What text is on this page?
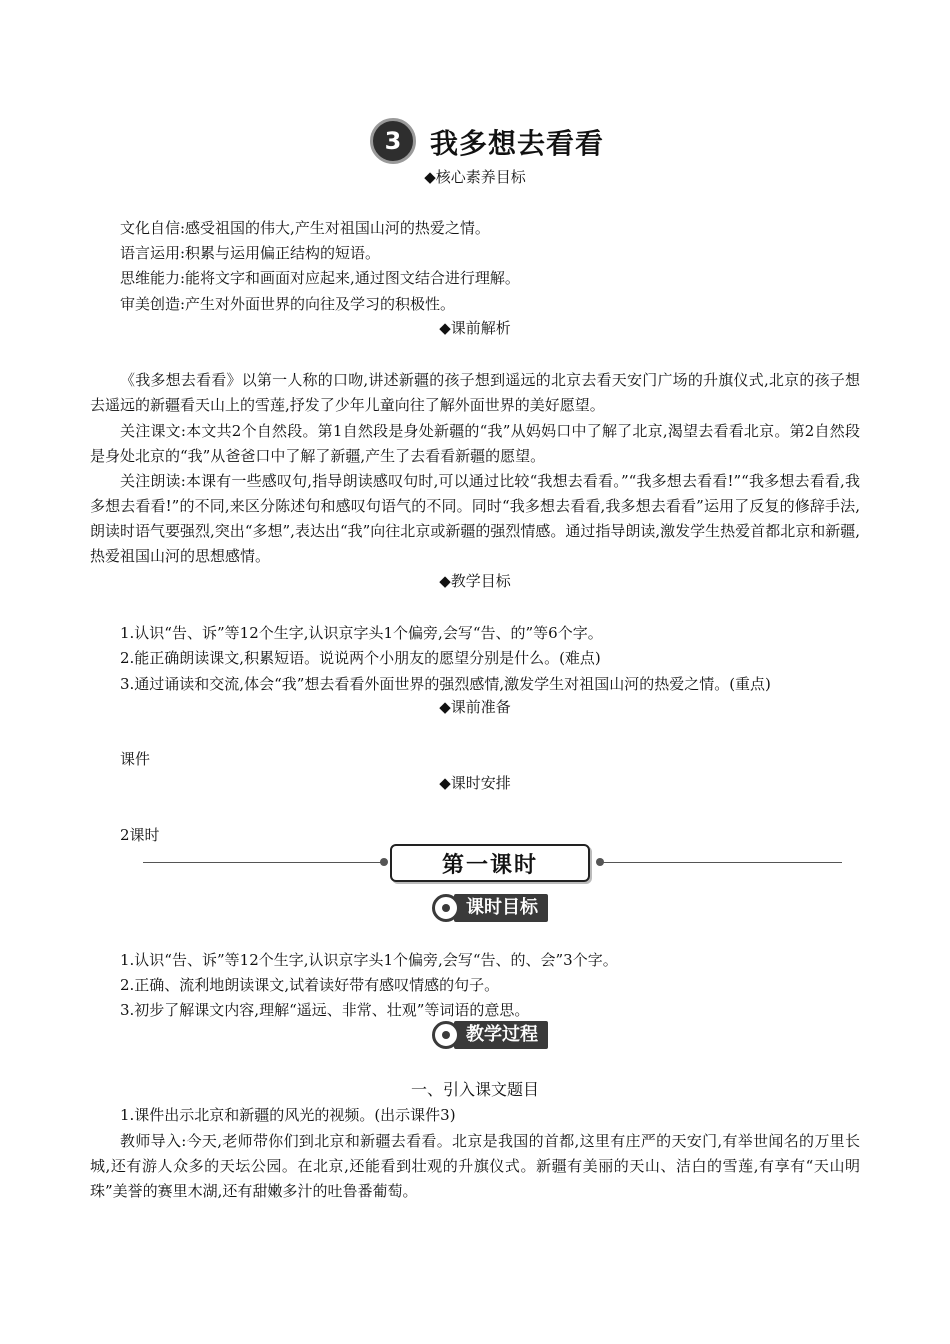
3	我多想去看看
◆核心素养目标
文化自信:感受祖国的伟大,产生对祖国山河的热爱之情。
语言运用:积累与运用偏正结构的短语。
思维能力:能将文字和画面对应起来,通过图文结合进行理解。
审美创造:产生对外面世界的向往及学习的积极性。
◆课前解析
《我多想去看看》以第一人称的口吻,讲述新疆的孩子想到遥远的北京去看天安门广场的升旗仪式,北京的孩子想去遥远的新疆看天山上的雪莲,抒发了少年儿童向往了解外面世界的美好愿望。
关注课文:本文共2个自然段。第1自然段是身处新疆的“我”从妈妈口中了解了北京,渴望去看看北京。第2自然段是身处北京的“我”从爸爸口中了解了新疆,产生了去看看新疆的愿望。
关注朗读:本课有一些感叹句,指导朗读感叹句时,可以通过比较“我想去看看。”“我多想去看看!”“我多想去看看,我多想去看看!”的不同,来区分陈述句和感叹句语气的不同。同时“我多想去看看,我多想去看看”运用了反复的修辞手法,朗读时语气要强烈,突出“多想”,表达出“我”向往北京或新疆的强烈情感。通过指导朗读,激发学生热爱首都北京和新疆,热爱祖国山河的思想感情。
◆教学目标
1.认识“告、诉”等12个生字,认识京字头1个偏旁,会写“告、的”等6个字。
2.能正确朗读课文,积累短语。说说两个小朋友的愿望分别是什么。(难点)
3.通过诵读和交流,体会“我”想去看看外面世界的强烈感情,激发学生对祖国山河的热爱之情。(重点)
◆课前准备
课件
◆课时安排
2课时
第一课时
课时目标
1.认识“告、诉”等12个生字,认识京字头1个偏旁,会写“告、的、会”3个字。
2.正确、流利地朗读课文,试着读好带有感叹情感的句子。
3.初步了解课文内容,理解“遥远、非常、壮观”等词语的意思。
教学过程
一、引入课文题目
1.课件出示北京和新疆的风光的视频。(出示课件3)
教师导入:今天,老师带你们到北京和新疆去看看。北京是我国的首都,这里有庄严的天安门,有举世闻名的万里长城,还有游人众多的天坛公园。在北京,还能看到壮观的升旗仪式。新疆有美丽的天山、洁白的雪莲,有享有“天山明珠”美誉的赛里木湖,还有甜嫩多汁的吐鲁番葡萄。
